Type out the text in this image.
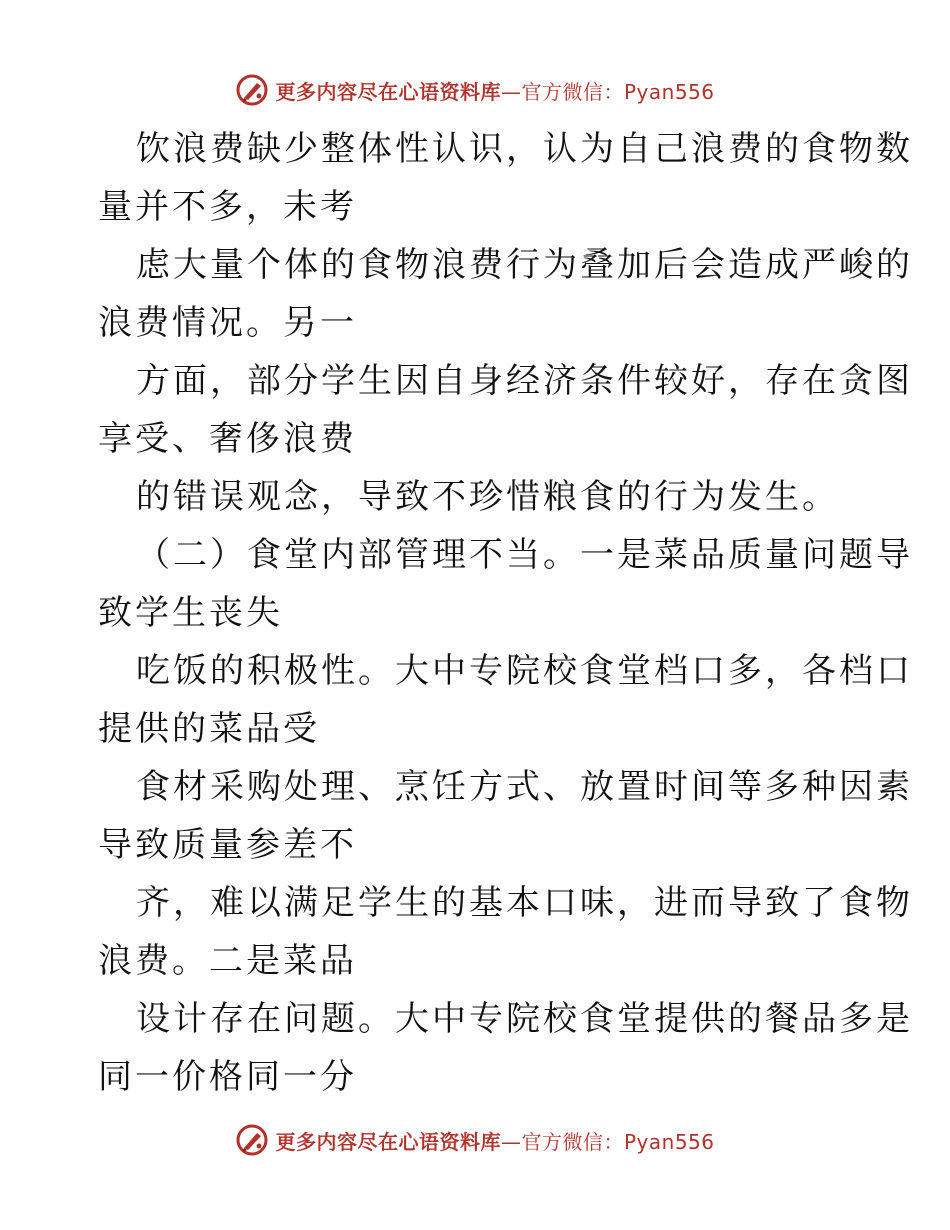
更多内容尽在心语资料库—官方微信：Pyan556
饮浪费缺少整体性认识，认为自己浪费的食物数
量并不多，未考
虑大量个体的食物浪费行为叠加后会造成严峻的
浪费情况。另一
方面，部分学生因自身经济条件较好，存在贪图
享受、奢侈浪费
的错误观念，导致不珍惜粮食的行为发生。
（二）食堂内部管理不当。一是菜品质量问题导
致学生丧失
吃饭的积极性。大中专院校食堂档口多，各档口
提供的菜品受
食材采购处理、烹饪方式、放置时间等多种因素
导致质量参差不
齐，难以满足学生的基本口味，进而导致了食物
浪费。二是菜品
设计存在问题。大中专院校食堂提供的餐品多是
同一价格同一分
更多内容尽在心语资料库—官方微信：Pyan556
